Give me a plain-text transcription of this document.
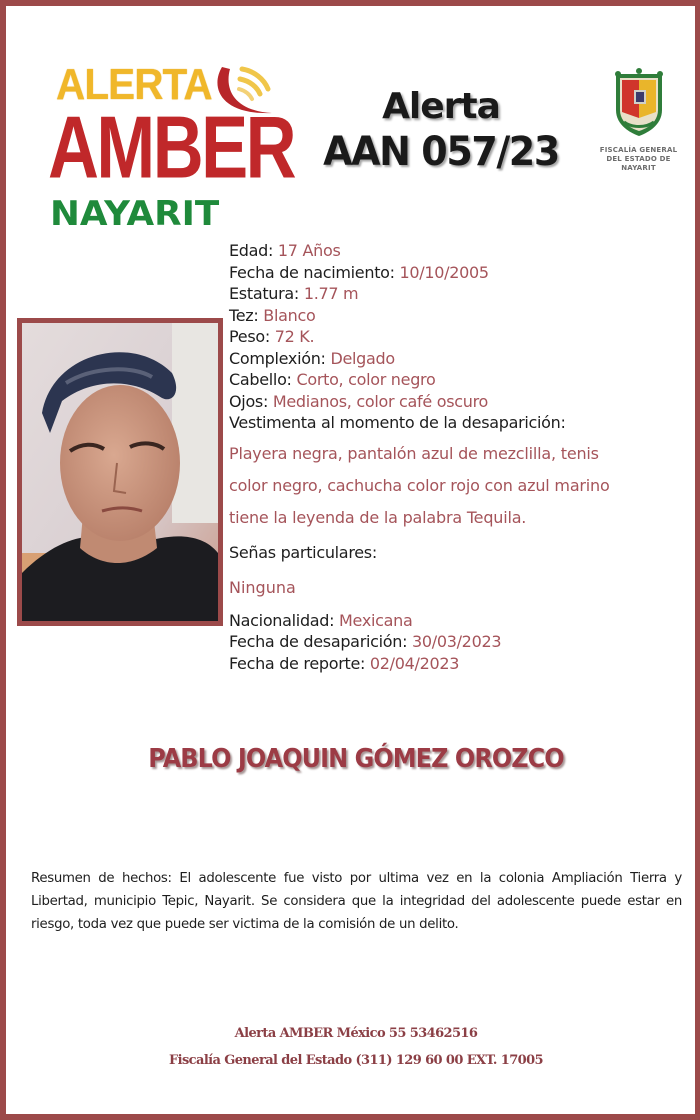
ALERTA
AMBER
NAYARIT
Alerta
AAN 057/23	FISCALÍA GENERAL
DEL ESTADO DE
NAYARIT
Edad: 17 Años
Fecha de nacimiento: 10/10/2005
Estatura: 1.77 m
Tez: Blanco
Peso: 72 K.
Complexión: Delgado
Cabello: Corto, color negro
Ojos: Medianos, color café oscuro
Vestimenta al momento de la desaparición:
Playera negra, pantalón azul de mezclilla, tenis
color negro, cachucha color rojo con azul marino
tiene la leyenda de la palabra Tequila.
Señas particulares:
Ninguna
Nacionalidad: Mexicana
Fecha de desaparición: 30/03/2023
Fecha de reporte: 02/04/2023
PABLO JOAQUIN GÓMEZ OROZCO
Resumen de hechos: El adolescente fue visto por ultima vez en la colonia Ampliación Tierra y Libertad, municipio Tepic, Nayarit. Se considera que la integridad del adolescente puede estar en riesgo, toda vez que puede ser victima de la comisión de un delito.
Alerta AMBER México 55 53462516
Fiscalía General del Estado (311) 129 60 00 EXT. 17005
